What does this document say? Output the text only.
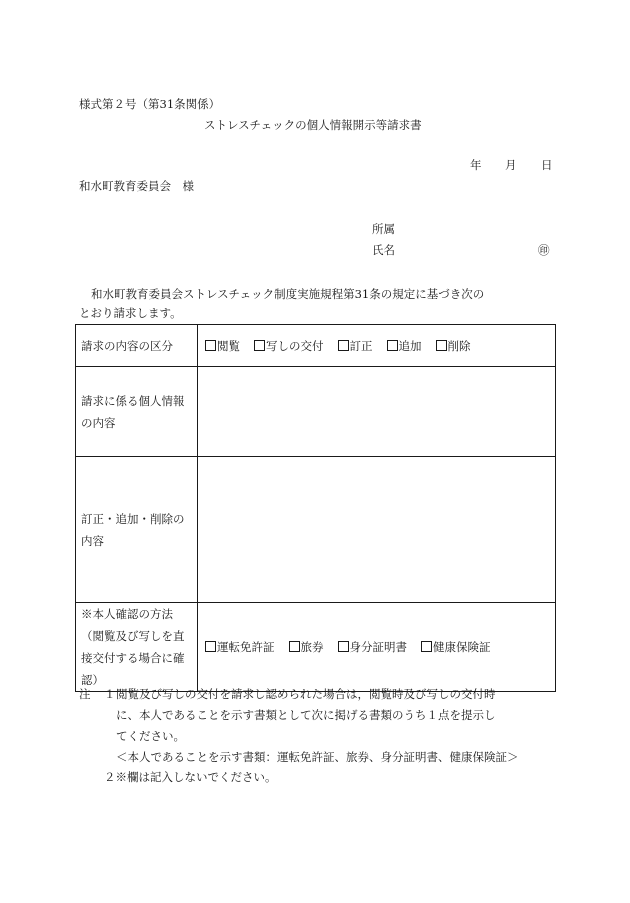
様式第２号（第31条関係）
ストレスチェックの個人情報開示等請求書
年 月 日
和水町教育委員会　様
所属
氏名	㊞
和水町教育委員会ストレスチェック制度実施規程第31条の規定に基づき次の
とおり請求します。
請求の内容の区分	閲覧 写しの交付 訂正 追加 削除

請求に係る個人情報
の内容	

訂正・追加・削除の
内容	

※本人確認の方法
（閲覧及び写しを直
接交付する場合に確
認）	運転免許証 旅券 身分証明書 健康保険証
注 １ 閲覧及び写しの交付を請求し認められた場合は，閲覧時及び写しの交付時
に、本人であることを示す書類として次に掲げる書類のうち１点を提示し
てください。
＜本人であることを示す書類：運転免許証、旅券、身分証明書、健康保険証＞
２※欄は記入しないでください。
